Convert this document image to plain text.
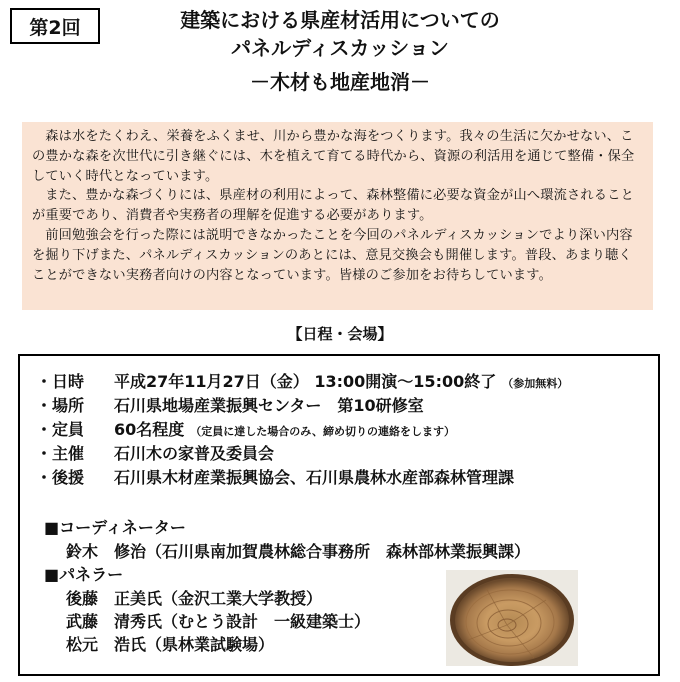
第2回	建築における県産材活用についての
パネルディスカッション
－木材も地産地消－

森は水をたくわえ、栄養をふくませ、川から豊かな海をつくります。我々の生活に欠かせない、この豊かな森を次世代に引き継ぐには、木を植えて育てる時代から、資源の利活用を通じて整備・保全していく時代となっています。

また、豊かな森づくりには、県産材の利用によって、森林整備に必要な資金が山へ環流されることが重要であり、消費者や実務者の理解を促進する必要があります。

前回勉強会を行った際には説明できなかったことを今回のパネルディスカッションでより深い内容を掘り下げまた、パネルディスカッションのあとには、意見交換会も開催します。普段、あまり聴くことができない実務者向けの内容となっています。皆様のご参加をお待ちしています。

【日程・会場】
・日時	平成27年11月27日（金） 13:00開演～15:00終了 （参加無料）
・場所	石川県地場産業振興センター　第10研修室
・定員	60名程度 （定員に達した場合のみ、締め切りの連絡をします）
・主催	石川木の家普及委員会
・後援	石川県木材産業振興協会、石川県農林水産部森林管理課
■コーディネーター
鈴木　修治（石川県南加賀農林総合事務所　森林部林業振興課）
■パネラー
後藤　正美氏（金沢工業大学教授）
武藤　清秀氏（むとう設計　一級建築士）
松元　浩氏（県林業試験場）
